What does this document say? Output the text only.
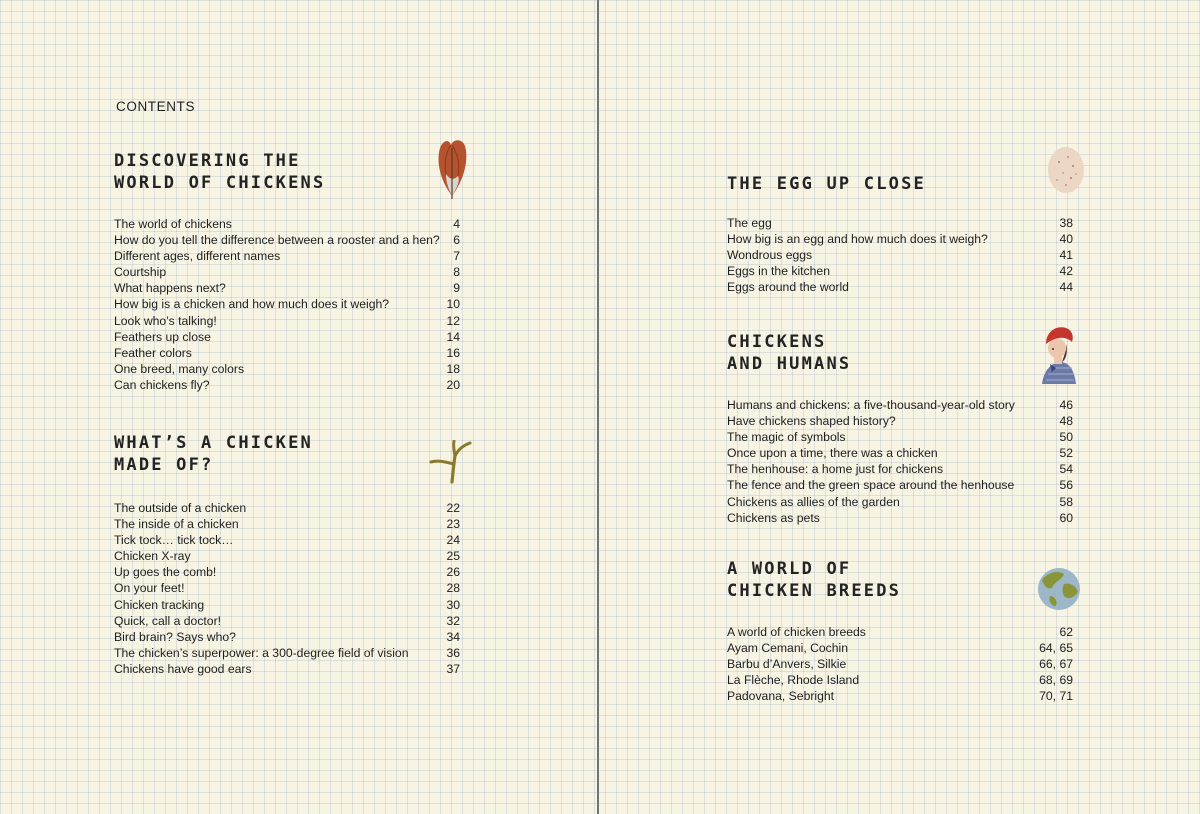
CONTENTS
DISCOVERING THE
WORLD OF CHICKENS
The world of chickens	4
How do you tell the difference between a rooster and a hen? 6
Different ages, different names	7
Courtship	8
What happens next?	9
How big is a chicken and how much does it weigh?	10
Look who’s talking!	12
Feathers up close	14
Feather colors	16
One breed, many colors	18
Can chickens fly?	20
WHAT’S A CHICKEN
MADE OF?
The outside of a chicken	22
The inside of a chicken	23
Tick tock… tick tock…	24
Chicken X-ray	25
Up goes the comb!	26
On your feet!	28
Chicken tracking	30
Quick, call a doctor!	32
Bird brain? Says who?	34
The chicken’s superpower: a 300-degree field of vision	36
Chickens have good ears	37
THE EGG UP CLOSE
The egg	38
How big is an egg and how much does it weigh?	40
Wondrous eggs	41
Eggs in the kitchen	42
Eggs around the world	44
CHICKENS
AND HUMANS
Humans and chickens: a five-thousand-year-old story	46
Have chickens shaped history?	48
The magic of symbols	50
Once upon a time, there was a chicken	52
The henhouse: a home just for chickens	54
The fence and the green space around the henhouse	56
Chickens as allies of the garden	58
Chickens as pets	60
A WORLD OF
CHICKEN BREEDS
A world of chicken breeds	62
Ayam Cemani, Cochin	64, 65
Barbu d’Anvers, Silkie	66, 67
La Flèche, Rhode Island	68, 69
Padovana, Sebright	70, 71
